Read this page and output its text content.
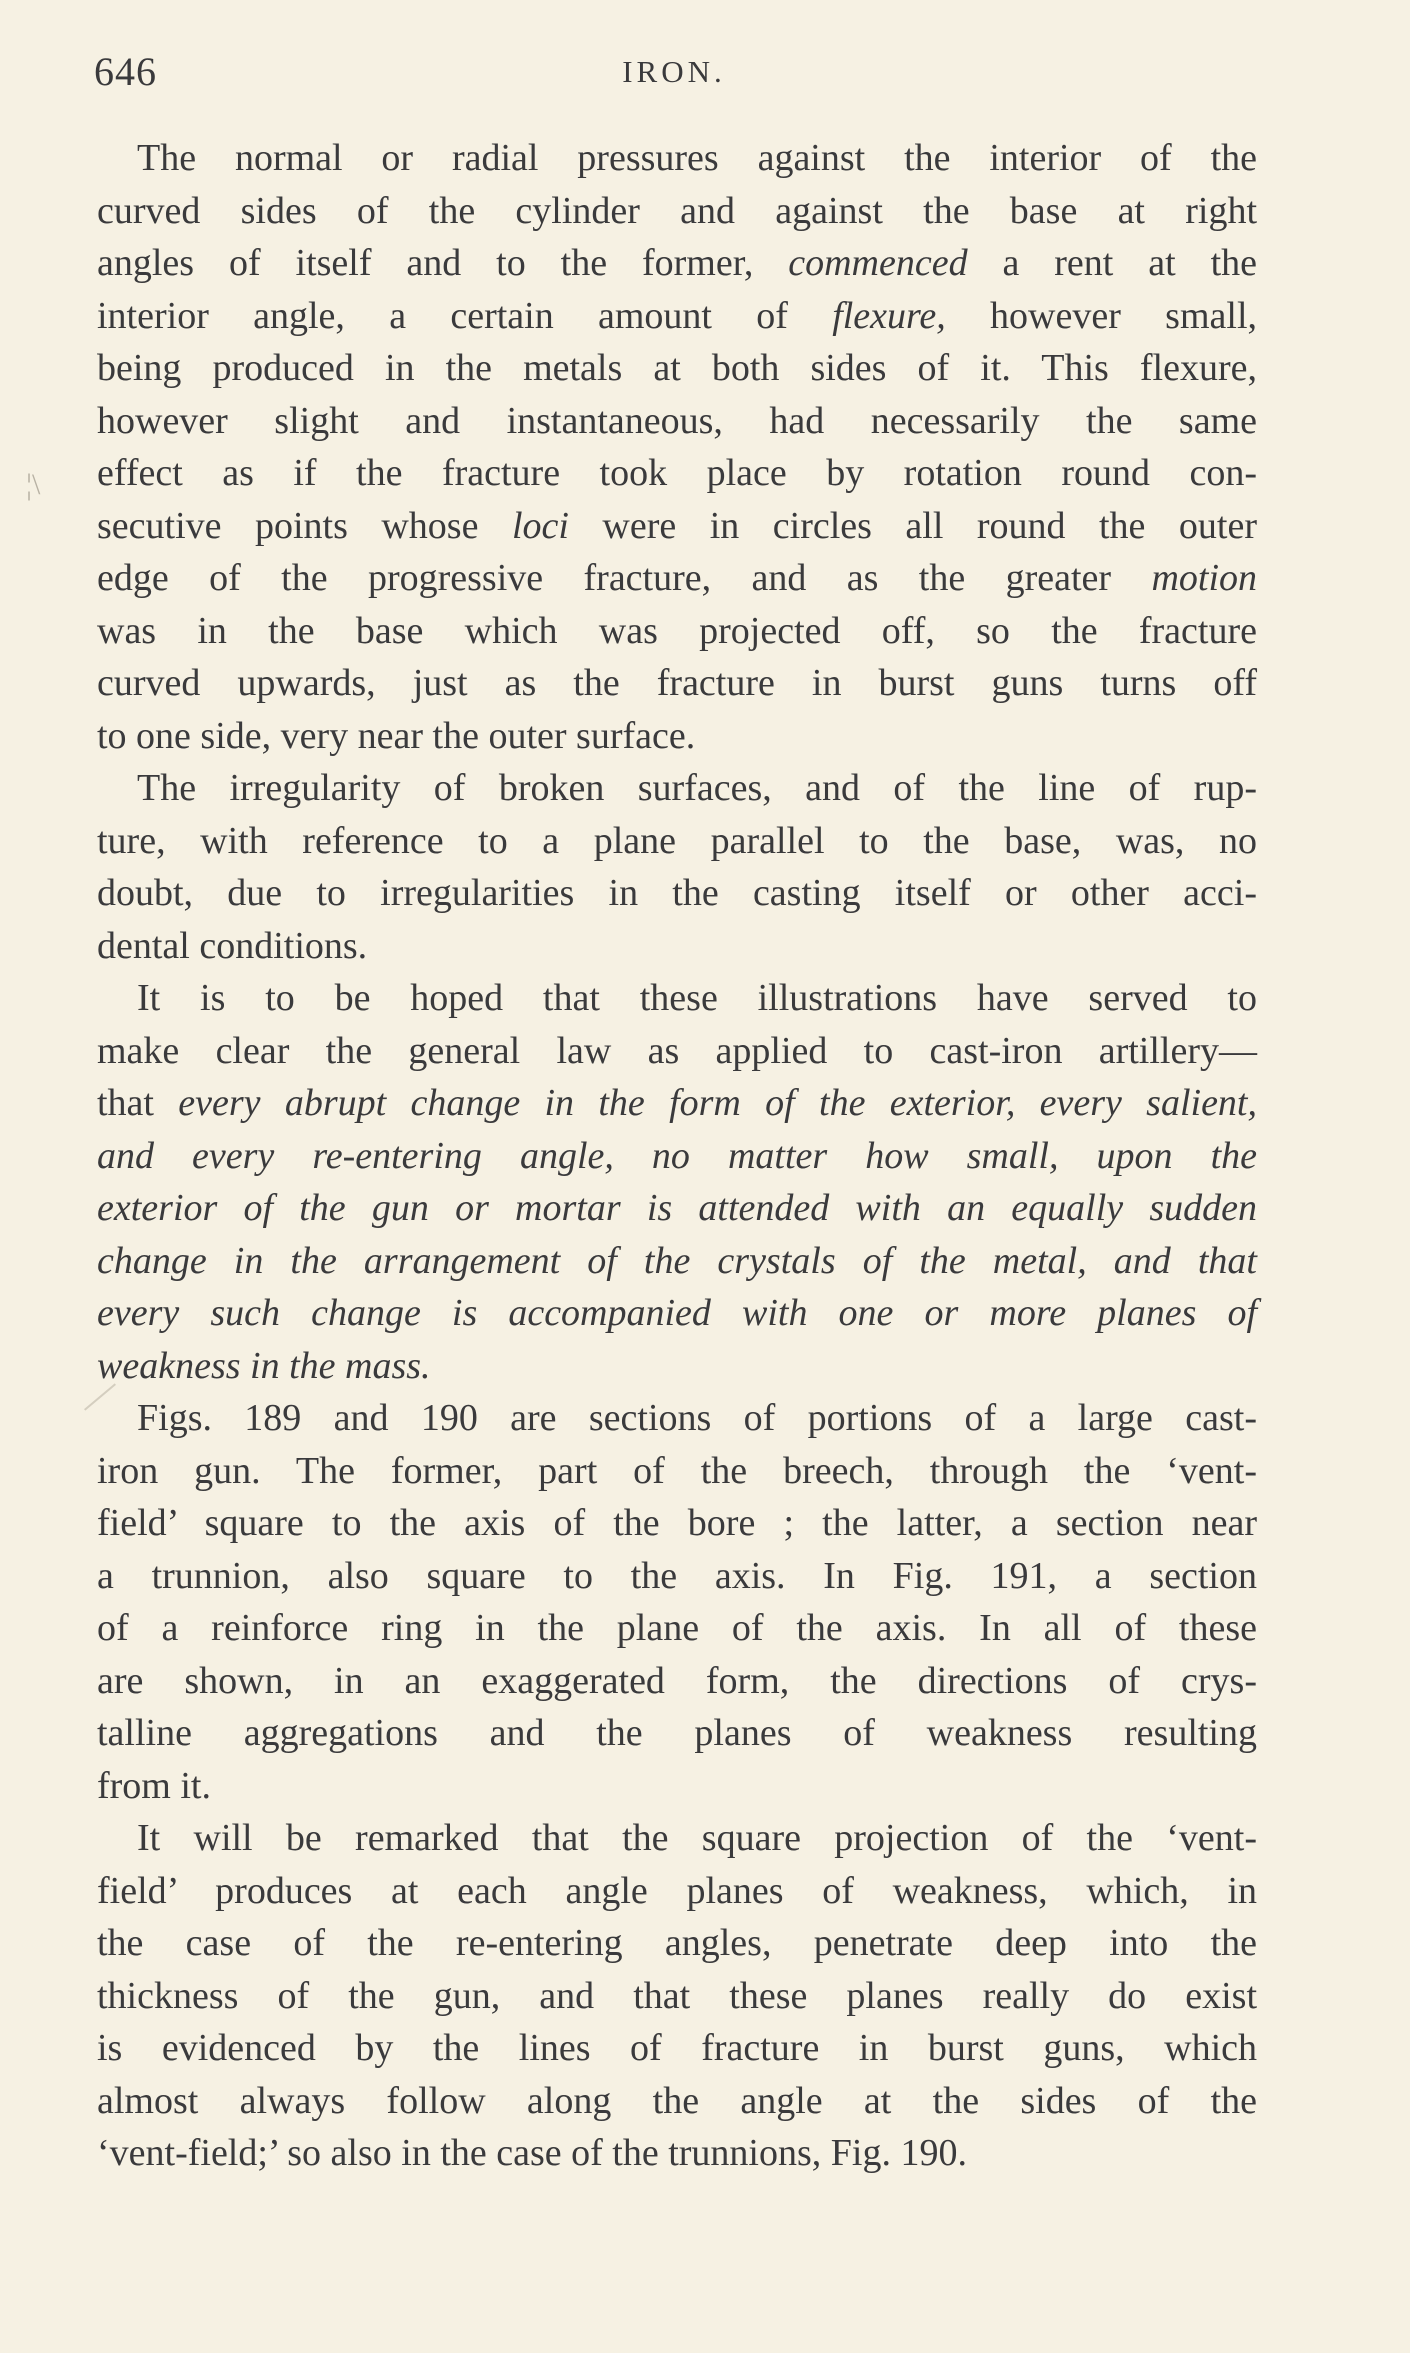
646	IRON.
¦\
The normal or radial pressures against the interior of the
curved sides of the cylinder and against the base at right
angles of itself and to the former, commenced a rent at the
interior angle, a certain amount of flexure, however small,
being produced in the metals at both sides of it. This flexure,
however slight and instantaneous, had necessarily the same
effect as if the fracture took place by rotation round con-
secutive points whose loci were in circles all round the outer
edge of the progressive fracture, and as the greater motion
was in the base which was projected off, so the fracture
curved upwards, just as the fracture in burst guns turns off
to one side, very near the outer surface.
The irregularity of broken surfaces, and of the line of rup-
ture, with reference to a plane parallel to the base, was, no
doubt, due to irregularities in the casting itself or other acci-
dental conditions.
It is to be hoped that these illustrations have served to
make clear the general law as applied to cast-iron artillery—
that every abrupt change in the form of the exterior, every salient,
and every re-entering angle, no matter how small, upon the
exterior of the gun or mortar is attended with an equally sudden
change in the arrangement of the crystals of the metal, and that
every such change is accompanied with one or more planes of
weakness in the mass.
Figs. 189 and 190 are sections of portions of a large cast-
iron gun. The former, part of the breech, through the ‘vent-
field’ square to the axis of the bore ; the latter, a section near
a trunnion, also square to the axis. In Fig. 191, a section
of a reinforce ring in the plane of the axis. In all of these
are shown, in an exaggerated form, the directions of crys-
talline aggregations and the planes of weakness resulting
from it.
It will be remarked that the square projection of the ‘vent-
field’ produces at each angle planes of weakness, which, in
the case of the re-entering angles, penetrate deep into the
thickness of the gun, and that these planes really do exist
is evidenced by the lines of fracture in burst guns, which
almost always follow along the angle at the sides of the
‘vent-field;’ so also in the case of the trunnions, Fig. 190.
